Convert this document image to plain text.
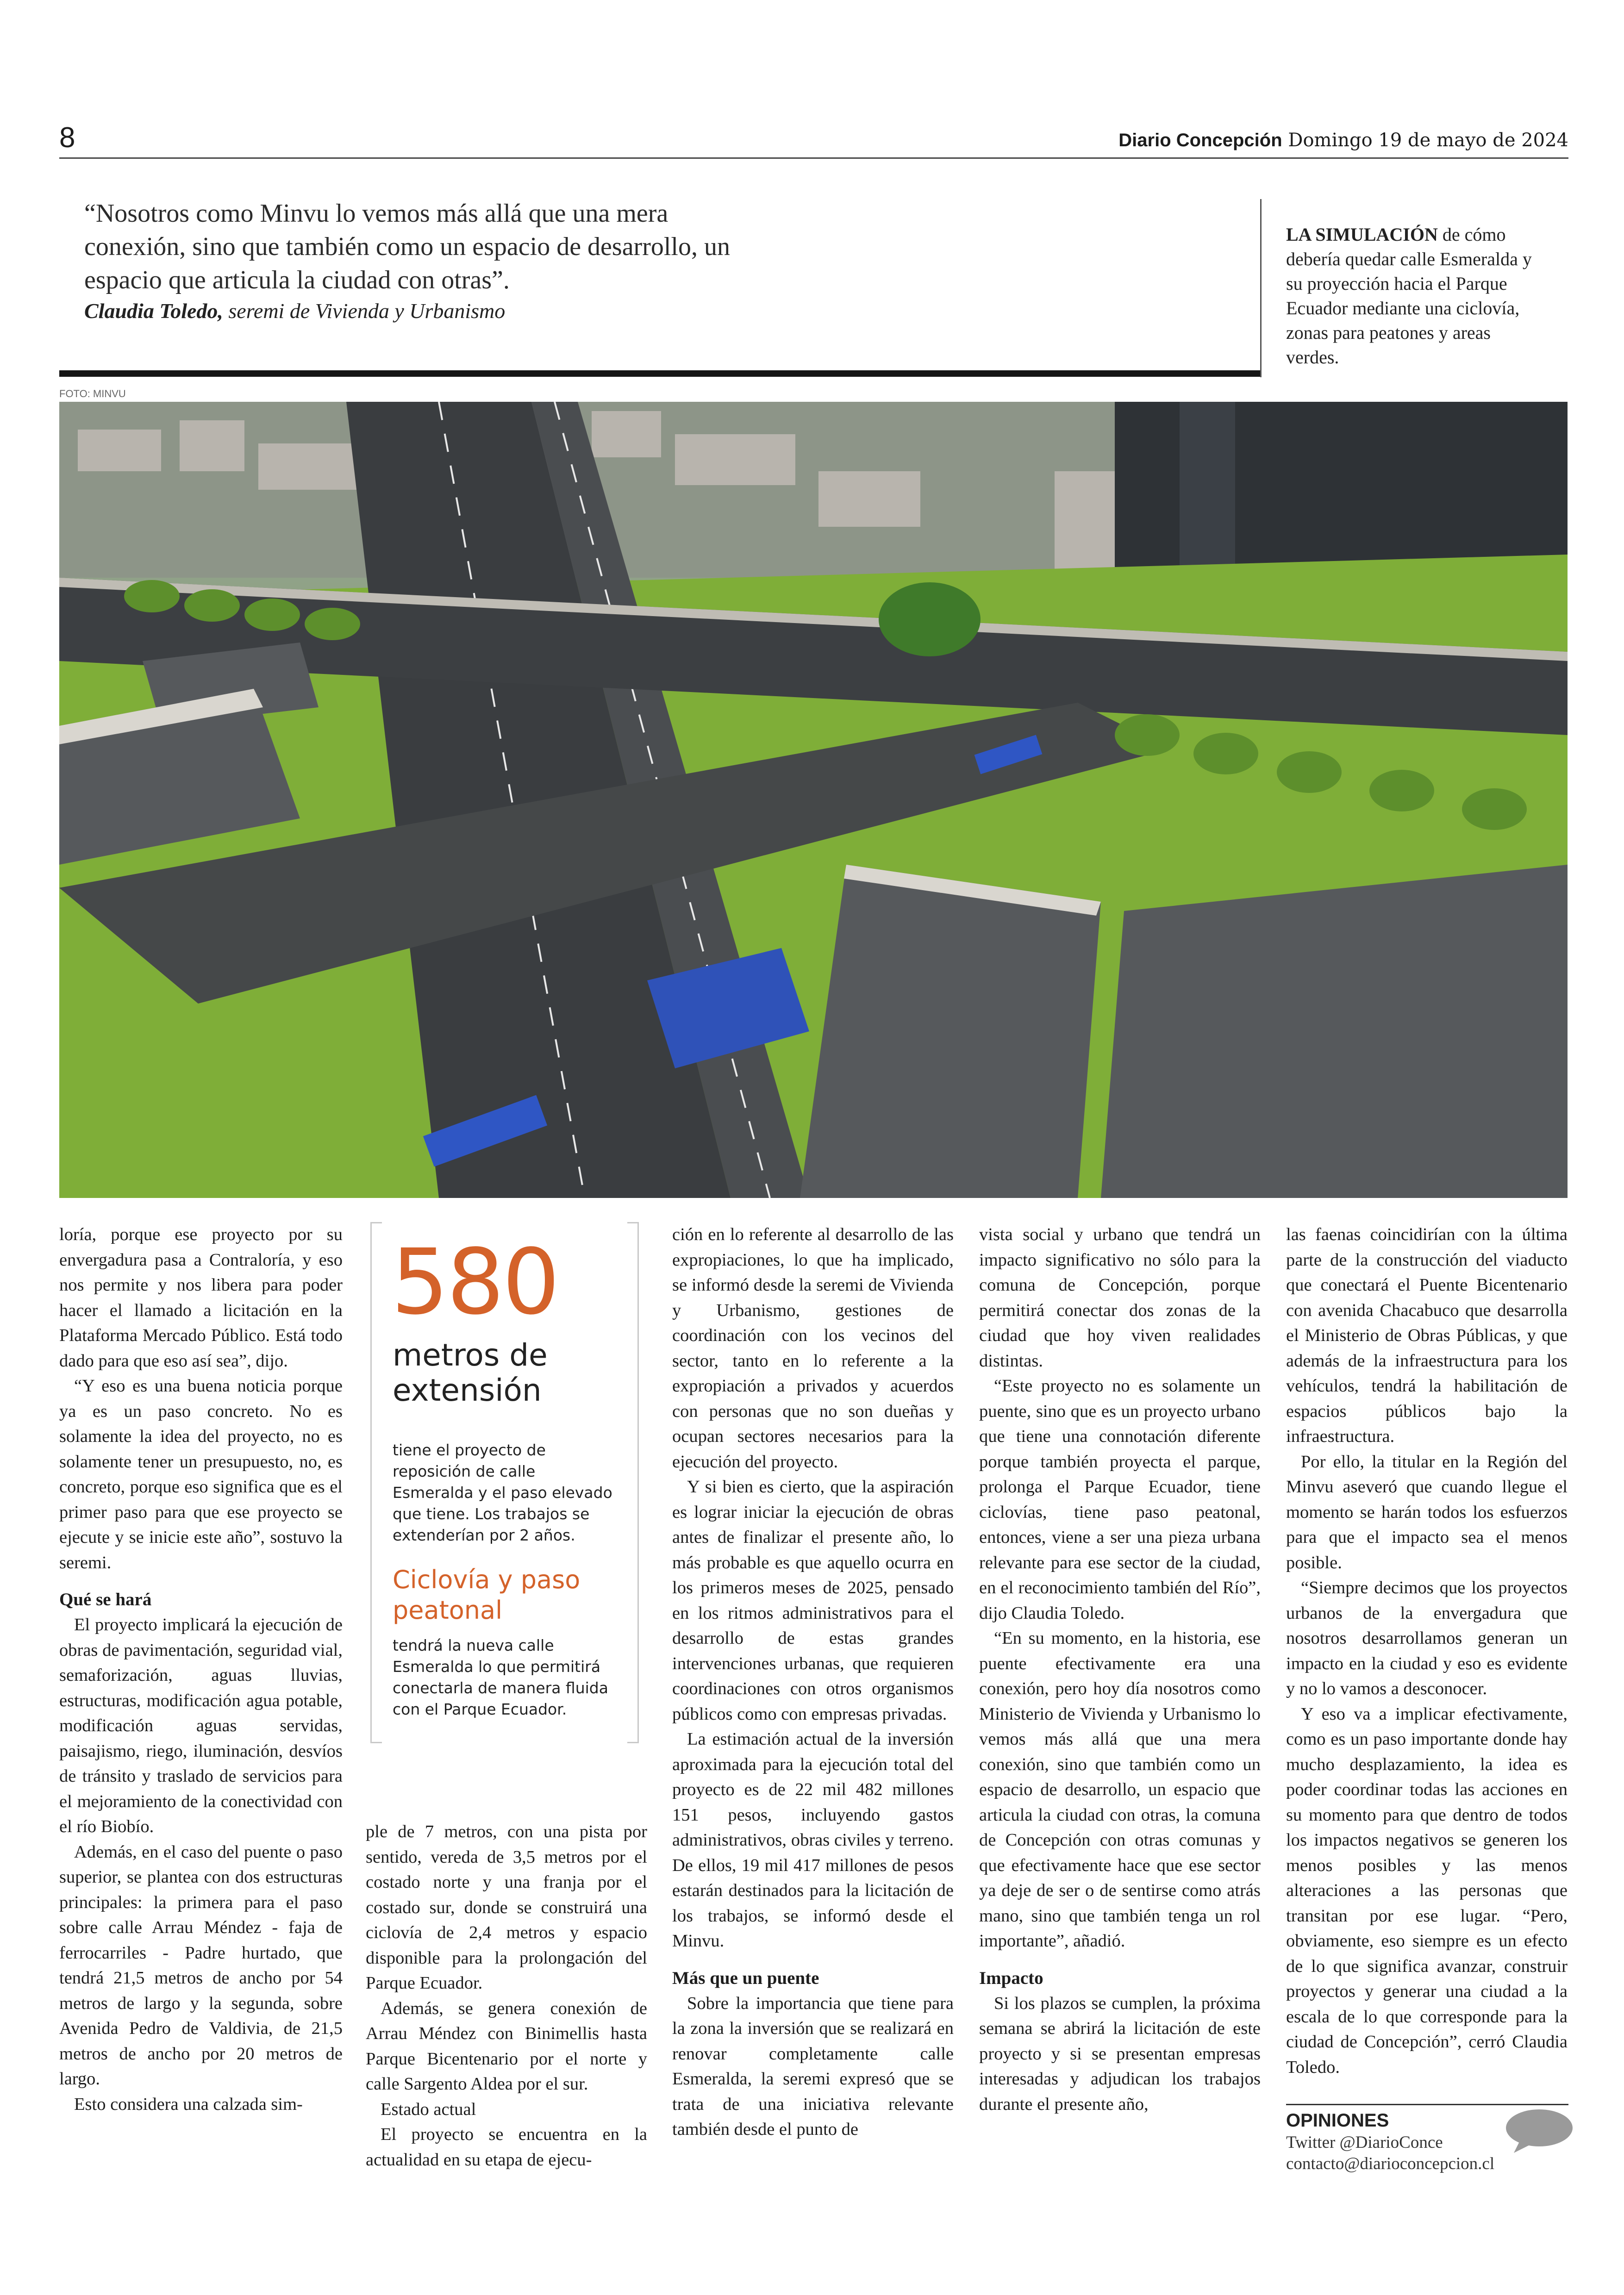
8	Diario Concepción Domingo 19 de mayo de 2024
“Nosotros como Minvu lo vemos más allá que una mera conexión, sino que también como un espacio de desarrollo, un espacio que articula la ciudad con otras”.
Claudia Toledo, seremi de Vivienda y Urbanismo
LA SIMULACIÓN de cómo debería quedar calle Esmeralda y su proyección hacia el Parque Ecuador mediante una ciclovía, zonas para peatones y areas verdes.
FOTO: MINVU

loría, porque ese proyecto por su envergadura pasa a Contraloría, y eso nos permite y nos libera para poder hacer el llamado a licitación en la Plataforma Mercado Público. Está todo dado para que eso así sea”, dijo.

“Y eso es una buena noticia porque ya es un paso concreto. No es solamente la idea del proyecto, no es solamente tener un presupuesto, no, es concreto, porque eso significa que es el primer paso para que ese proyecto se ejecute y se inicie este año”, sostuvo la seremi.

Qué se hará

El proyecto implicará la ejecución de obras de pavimentación, seguridad vial, semaforización, aguas lluvias, estructuras, modificación agua potable, modificación aguas servidas, paisajismo, riego, iluminación, desvíos de tránsito y traslado de servicios para el mejoramiento de la conectividad con el río Biobío.

Además, en el caso del puente o paso superior, se plantea con dos estructuras principales: la primera para el paso sobre calle Arrau Méndez - faja de ferrocarriles - Padre hurtado, que tendrá 21,5 metros de ancho por 54 metros de largo y la segunda, sobre Avenida Pedro de Valdivia, de 21,5 metros de ancho por 20 metros de largo.

Esto considera una calzada sim-

580
metros de extensión
tiene el proyecto de reposición de calle Esmeralda y el paso elevado que tiene. Los trabajos se extenderían por 2 años.
Ciclovía y paso peatonal
tendrá la nueva calle Esmeralda lo que permitirá conectarla de manera fluida con el Parque Ecuador.

ple de 7 metros, con una pista por sentido, vereda de 3,5 metros por el costado norte y una franja por el costado sur, donde se construirá una ciclovía de 2,4 metros y espacio disponible para la prolongación del Parque Ecuador.

Además, se genera conexión de Arrau Méndez con Binimellis hasta Parque Bicentenario por el norte y calle Sargento Aldea por el sur.

Estado actual

El proyecto se encuentra en la actualidad en su etapa de ejecu-

ción en lo referente al desarrollo de las expropiaciones, lo que ha implicado, se informó desde la seremi de Vivienda y Urbanismo, gestiones de coordinación con los vecinos del sector, tanto en lo referente a la expropiación a privados y acuerdos con personas que no son dueñas y ocupan sectores necesarios para la ejecución del proyecto.

Y si bien es cierto, que la aspiración es lograr iniciar la ejecución de obras antes de finalizar el presente año, lo más probable es que aquello ocurra en los primeros meses de 2025, pensado en los ritmos administrativos para el desarrollo de estas grandes intervenciones urbanas, que requieren coordinaciones con otros organismos públicos como con empresas privadas.

La estimación actual de la inversión aproximada para la ejecución total del proyecto es de 22 mil 482 millones 151 pesos, incluyendo gastos administrativos, obras civiles y terreno. De ellos, 19 mil 417 millones de pesos estarán destinados para la licitación de los trabajos, se informó desde el Minvu.

Más que un puente

Sobre la importancia que tiene para la zona la inversión que se realizará en renovar completamente calle Esmeralda, la seremi expresó que se trata de una iniciativa relevante también desde el punto de

vista social y urbano que tendrá un impacto significativo no sólo para la comuna de Concepción, porque permitirá conectar dos zonas de la ciudad que hoy viven realidades distintas.

“Este proyecto no es solamente un puente, sino que es un proyecto urbano que tiene una connotación diferente porque también proyecta el parque, prolonga el Parque Ecuador, tiene ciclovías, tiene paso peatonal, entonces, viene a ser una pieza urbana relevante para ese sector de la ciudad, en el reconocimiento también del Río”, dijo Claudia Toledo.

“En su momento, en la historia, ese puente efectivamente era una conexión, pero hoy día nosotros como Ministerio de Vivienda y Urbanismo lo vemos más allá que una mera conexión, sino que también como un espacio de desarrollo, un espacio que articula la ciudad con otras, la comuna de Concepción con otras comunas y que efectivamente hace que ese sector ya deje de ser o de sentirse como atrás mano, sino que también tenga un rol importante”, añadió.

Impacto

Si los plazos se cumplen, la próxima semana se abrirá la licitación de este proyecto y si se presentan empresas interesadas y adjudican los trabajos durante el presente año,

las faenas coincidirían con la última parte de la construcción del viaducto que conectará el Puente Bicentenario con avenida Chacabuco que desarrolla el Ministerio de Obras Públicas, y que además de la infraestructura para los vehículos, tendrá la habilitación de espacios públicos bajo la infraestructura.

Por ello, la titular en la Región del Minvu aseveró que cuando llegue el momento se harán todos los esfuerzos para que el impacto sea el menos posible.

“Siempre decimos que los proyectos urbanos de la envergadura que nosotros desarrollamos generan un impacto en la ciudad y eso es evidente y no lo vamos a desconocer.

Y eso va a implicar efectivamente, como es un paso importante donde hay mucho desplazamiento, la idea es poder coordinar todas las acciones en su momento para que dentro de todos los impactos negativos se generen los menos posibles y las menos alteraciones a las personas que transitan por ese lugar. “Pero, obviamente, eso siempre es un efecto de lo que significa avanzar, construir proyectos y generar una ciudad a la escala de lo que corresponde para la ciudad de Concepción”, cerró Claudia Toledo.

OPINIONES
Twitter @DiarioConce
contacto@diarioconcepcion.cl
